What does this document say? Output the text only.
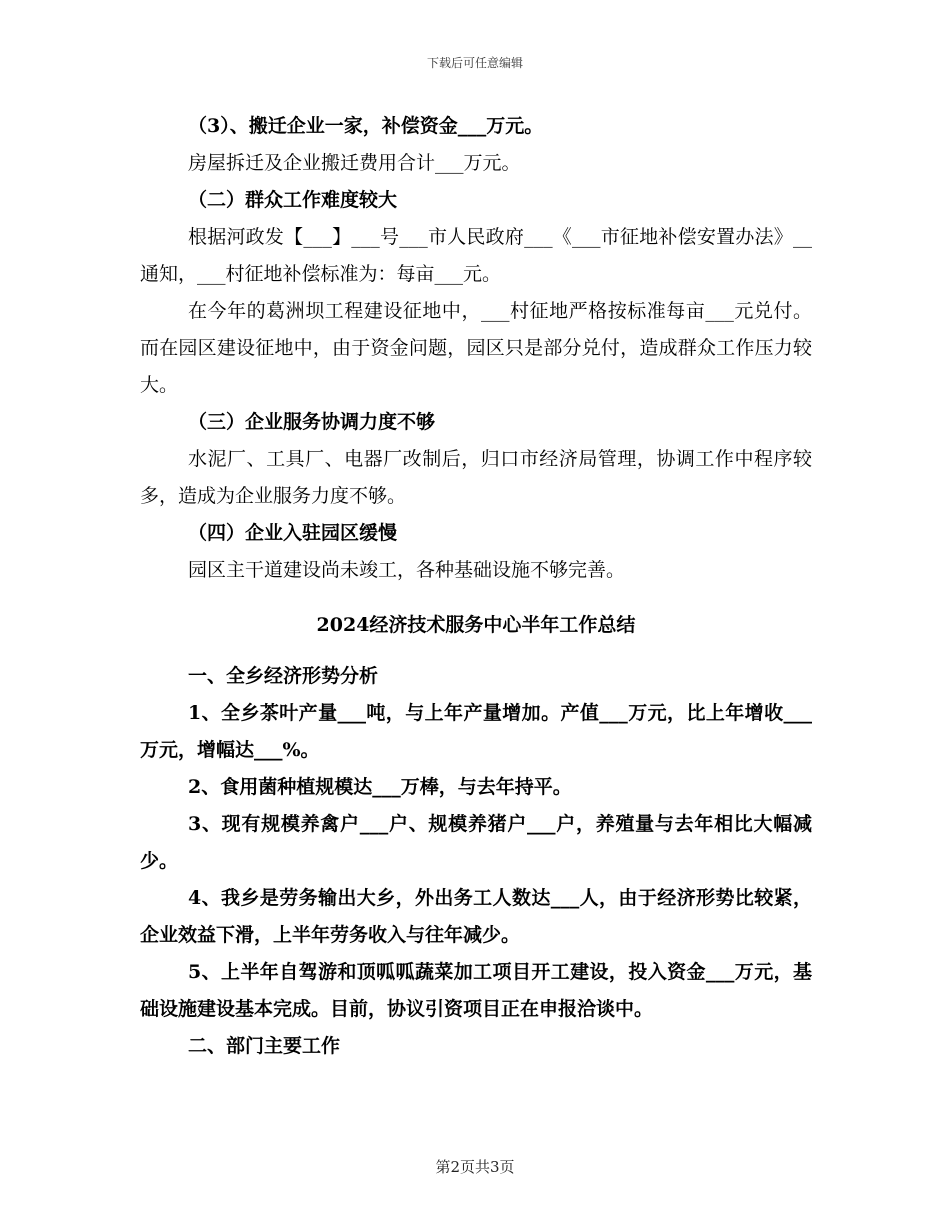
下载后可任意编辑

（3）、搬迁企业一家，补偿资金___万元。

房屋拆迁及企业搬迁费用合计___万元。

（二）群众工作难度较大

根据河政发【___】___号___市人民政府___《___市征地补偿安置办法》__通知，___村征地补偿标准为：每亩___元。

在今年的葛洲坝工程建设征地中，___村征地严格按标准每亩___元兑付。而在园区建设征地中，由于资金问题，园区只是部分兑付，造成群众工作压力较大。

（三）企业服务协调力度不够

水泥厂、工具厂、电器厂改制后，归口市经济局管理，协调工作中程序较多，造成为企业服务力度不够。

（四）企业入驻园区缓慢

园区主干道建设尚未竣工，各种基础设施不够完善。

2024经济技术服务中心半年工作总结

一、全乡经济形势分析

1、全乡茶叶产量___吨，与上年产量增加。产值___万元，比上年增收___万元，增幅达___%。

2、食用菌种植规模达___万棒，与去年持平。

3、现有规模养禽户___户、规模养猪户___户，养殖量与去年相比大幅减少。

4、我乡是劳务输出大乡，外出务工人数达___人，由于经济形势比较紧，企业效益下滑，上半年劳务收入与往年减少。

5、上半年自驾游和顶呱呱蔬菜加工项目开工建设，投入资金___万元，基础设施建设基本完成。目前，协议引资项目正在申报洽谈中。

二、部门主要工作

第2页共3页
